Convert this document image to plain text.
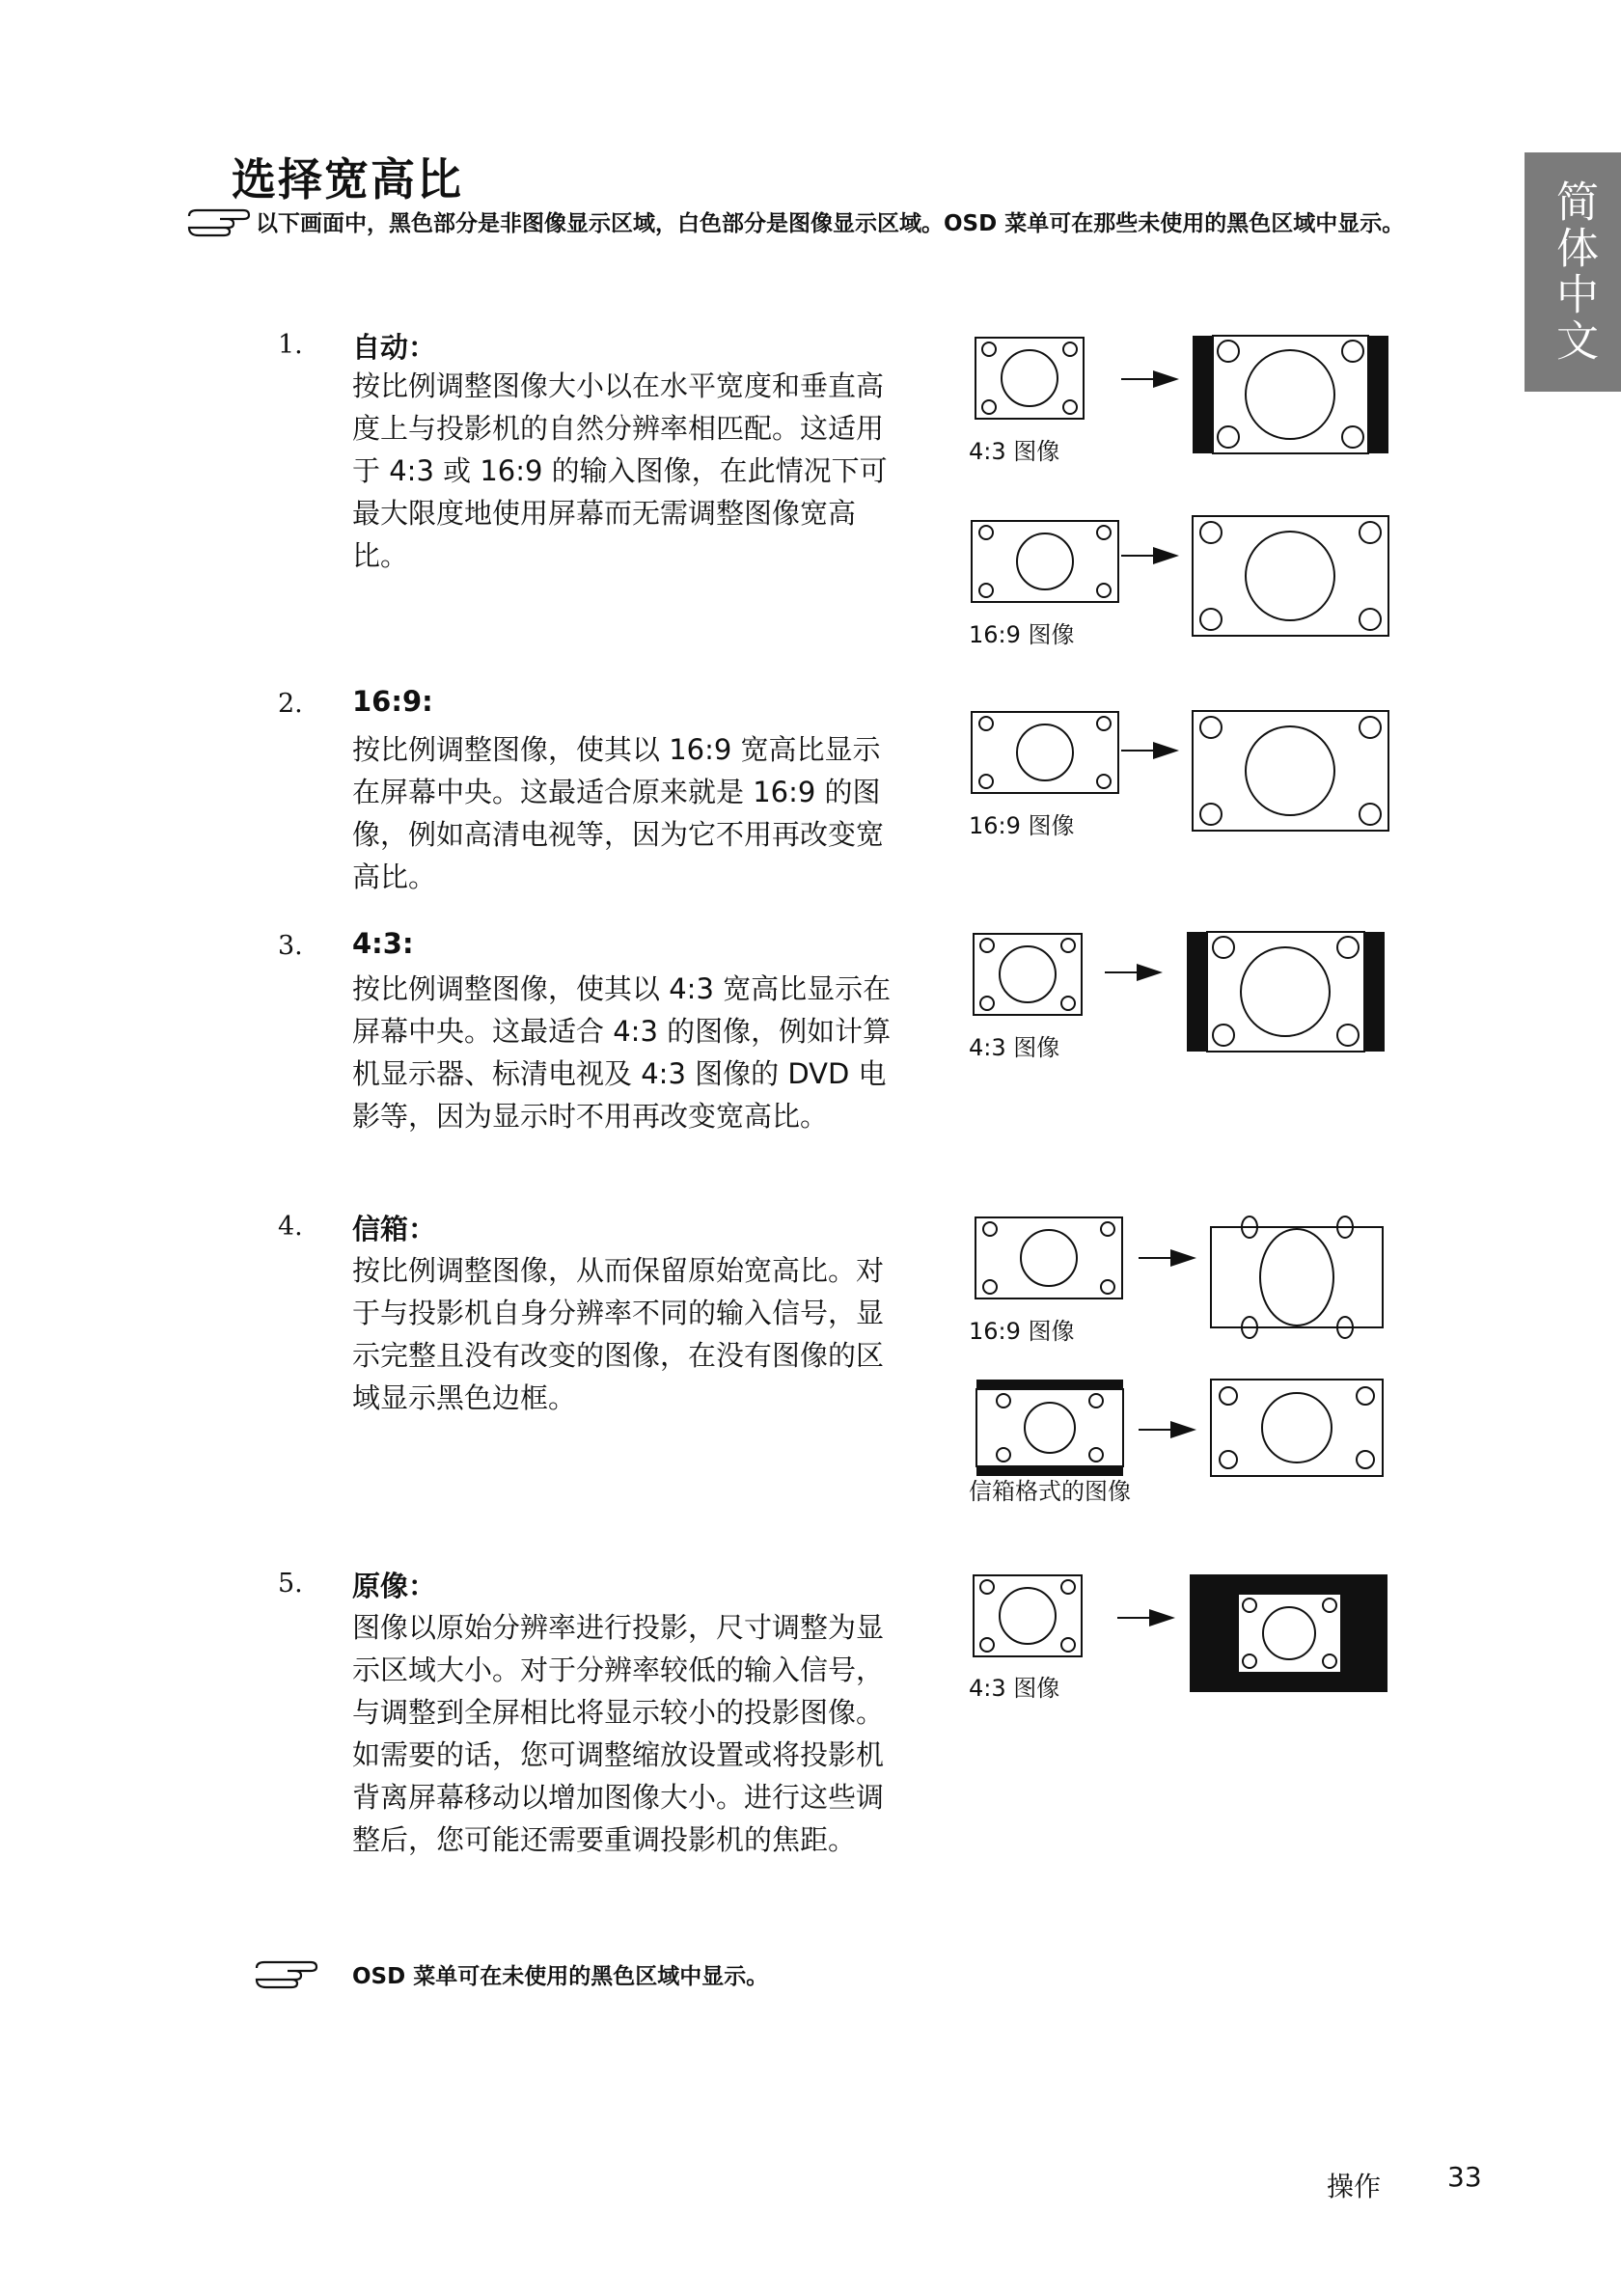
选择宽高比	简体中文
以下画面中，黑色部分是非图像显示区域，白色部分是图像显示区域。OSD 菜单可在那些未使用的黑色区域中显示。
1. 自动：
按比例调整图像大小以在水平宽度和垂直高度上与投影机的自然分辨率相匹配。这适用于 4:3 或 16:9 的输入图像，在此情况下可最大限度地使用屏幕而无需调整图像宽高比。
2. 16:9:
按比例调整图像，使其以 16:9 宽高比显示在屏幕中央。这最适合原来就是 16:9 的图像，例如高清电视等，因为它不用再改变宽高比。
3. 4:3:
按比例调整图像，使其以 4:3 宽高比显示在屏幕中央。这最适合 4:3 的图像，例如计算机显示器、标清电视及 4:3 图像的 DVD 电影等，因为显示时不用再改变宽高比。
4. 信箱：
按比例调整图像，从而保留原始宽高比。对于与投影机自身分辨率不同的输入信号，显示完整且没有改变的图像，在没有图像的区域显示黑色边框。
5. 原像：
图像以原始分辨率进行投影，尺寸调整为显示区域大小。对于分辨率较低的输入信号，与调整到全屏相比将显示较小的投影图像。如需要的话，您可调整缩放设置或将投影机背离屏幕移动以增加图像大小。进行这些调整后，您可能还需要重调投影机的焦距。
4:3 图像
16:9 图像
16:9 图像
4:3 图像
16:9 图像
信箱格式的图像
4:3 图像
OSD 菜单可在未使用的黑色区域中显示。
操作 33
